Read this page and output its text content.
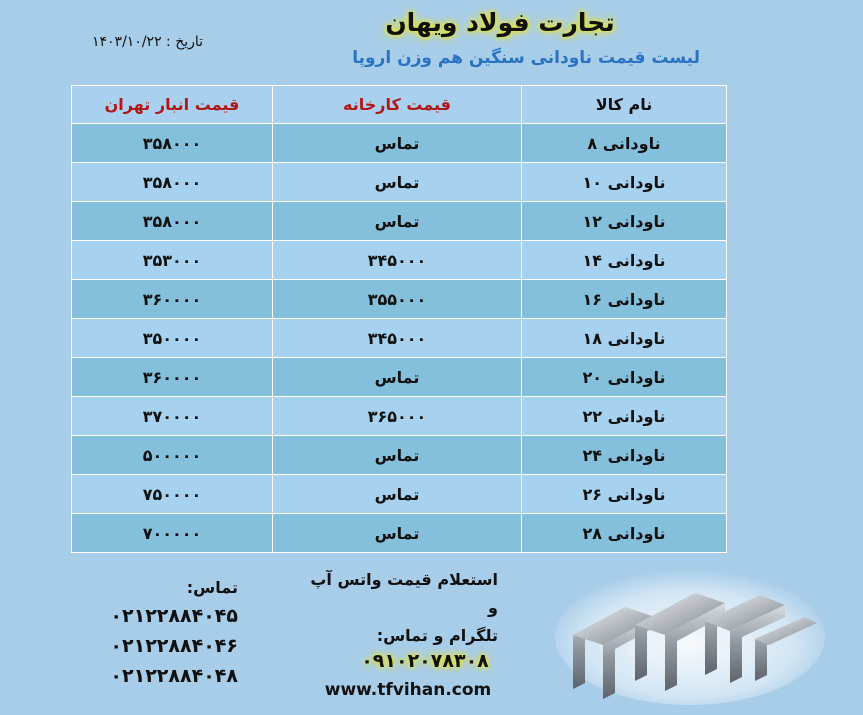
تجارت فولاد ویهان
لیست قیمت ناودانی سنگین هم وزن اروپا
تاریخ : ۱۴۰۳/۱۰/۲۲
نام کالا	قیمت کارخانه	قیمت انبار تهران
ناودانی ۸	تماس	۳۵۸۰۰۰
ناودانی ۱۰	تماس	۳۵۸۰۰۰
ناودانی ۱۲	تماس	۳۵۸۰۰۰
ناودانی ۱۴	۳۴۵۰۰۰	۳۵۳۰۰۰
ناودانی ۱۶	۳۵۵۰۰۰	۳۶۰۰۰۰
ناودانی ۱۸	۳۴۵۰۰۰	۳۵۰۰۰۰
ناودانی ۲۰	تماس	۳۶۰۰۰۰
ناودانی ۲۲	۳۶۵۰۰۰	۳۷۰۰۰۰
ناودانی ۲۴	تماس	۵۰۰۰۰۰
ناودانی ۲۶	تماس	۷۵۰۰۰۰
ناودانی ۲۸	تماس	۷۰۰۰۰۰
تماس:
۰۲۱۲۲۸۸۴۰۴۵
۰۲۱۲۲۸۸۴۰۴۶
۰۲۱۲۲۸۸۴۰۴۸
استعلام قیمت واتس آپ و
تلگرام و تماس:
۰۹۱۰۲۰۷۸۳۰۸
www.tfvihan.com
